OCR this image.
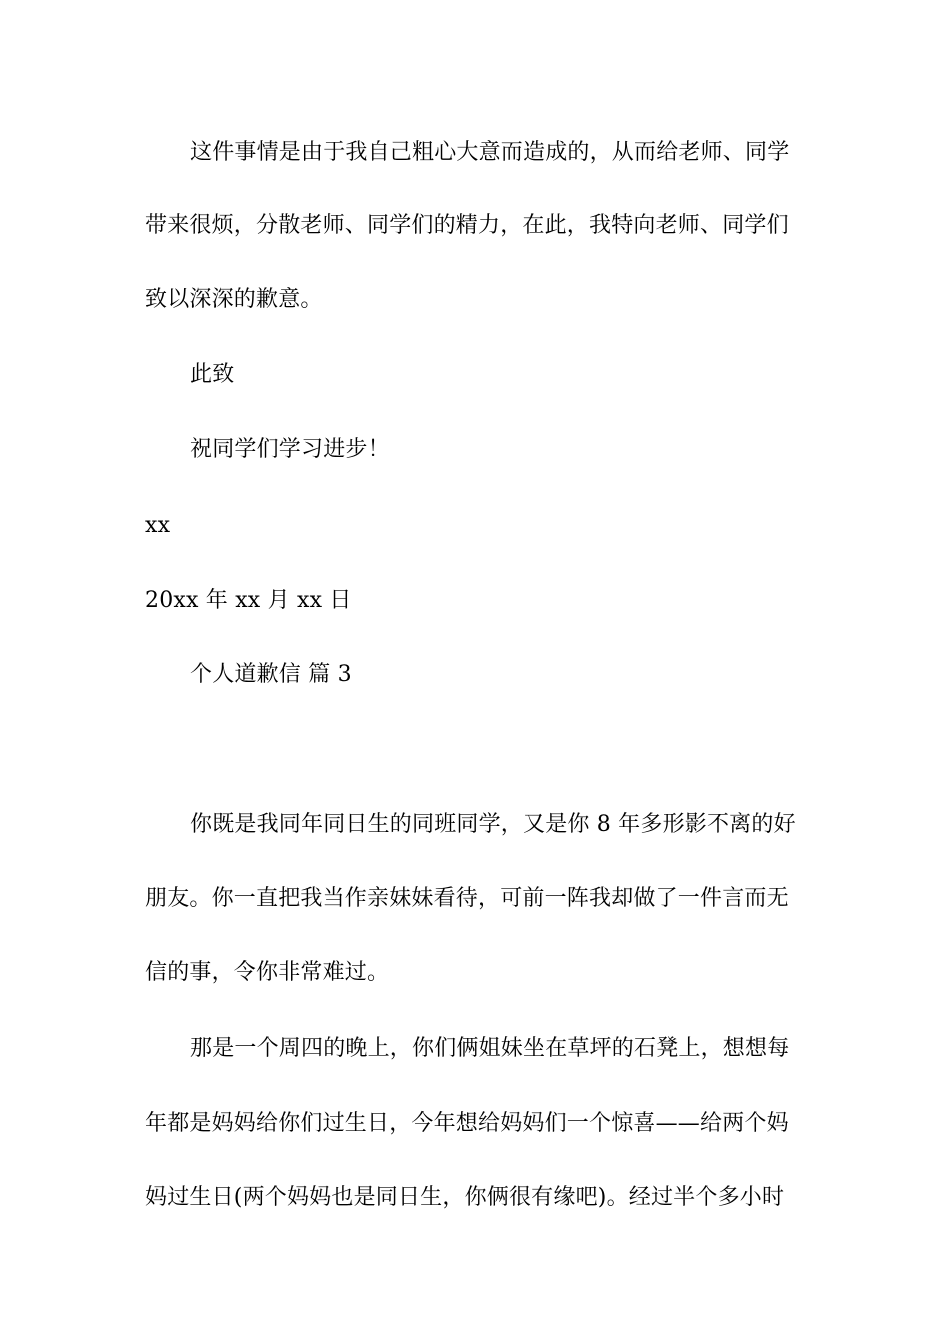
这件事情是由于我自己粗心大意而造成的，从而给老师、同学
带来很烦，分散老师、同学们的精力，在此，我特向老师、同学们
致以深深的歉意。
此致
祝同学们学习进步！
xx
20xx 年 xx 月 xx 日
个人道歉信 篇 3
你既是我同年同日生的同班同学，又是你 8 年多形影不离的好
朋友。你一直把我当作亲妹妹看待，可前一阵我却做了一件言而无
信的事，令你非常难过。
那是一个周四的晚上，你们俩姐妹坐在草坪的石凳上，想想每
年都是妈妈给你们过生日，今年想给妈妈们一个惊喜——给两个妈
妈过生日(两个妈妈也是同日生，你俩很有缘吧)。经过半个多小时
